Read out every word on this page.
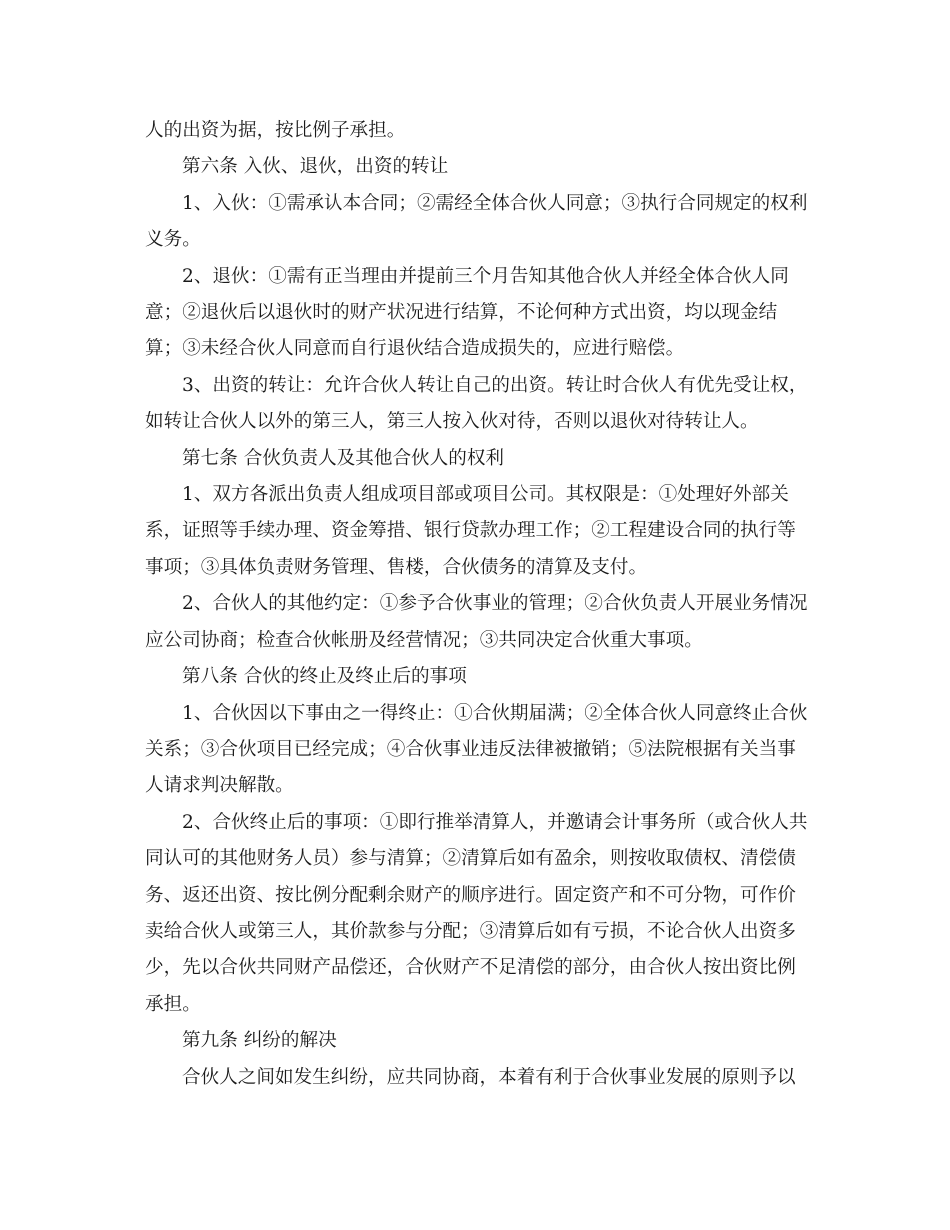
人的出资为据，按比例子承担。

第六条 入伙、退伙，出资的转让

1、入伙：①需承认本合同；②需经全体合伙人同意；③执行合同规定的权利

义务。

2、退伙：①需有正当理由并提前三个月告知其他合伙人并经全体合伙人同

意；②退伙后以退伙时的财产状况进行结算，不论何种方式出资，均以现金结

算；③未经合伙人同意而自行退伙结合造成损失的，应进行赔偿。

3、出资的转让：允许合伙人转让自己的出资。转让时合伙人有优先受让权，

如转让合伙人以外的第三人，第三人按入伙对待，否则以退伙对待转让人。

第七条 合伙负责人及其他合伙人的权利

1、双方各派出负责人组成项目部或项目公司。其权限是：①处理好外部关

系，证照等手续办理、资金筹措、银行贷款办理工作；②工程建设合同的执行等

事项；③具体负责财务管理、售楼，合伙债务的清算及支付。

2、合伙人的其他约定：①参予合伙事业的管理；②合伙负责人开展业务情况

应公司协商；检查合伙帐册及经营情况；③共同决定合伙重大事项。

第八条 合伙的终止及终止后的事项

1、合伙因以下事由之一得终止：①合伙期届满；②全体合伙人同意终止合伙

关系；③合伙项目已经完成；④合伙事业违反法律被撤销；⑤法院根据有关当事

人请求判决解散。

2、合伙终止后的事项：①即行推举清算人，并邀请会计事务所（或合伙人共

同认可的其他财务人员）参与清算；②清算后如有盈余，则按收取债权、清偿债

务、返还出资、按比例分配剩余财产的顺序进行。固定资产和不可分物，可作价

卖给合伙人或第三人，其价款参与分配；③清算后如有亏损，不论合伙人出资多

少，先以合伙共同财产品偿还，合伙财产不足清偿的部分，由合伙人按出资比例

承担。

第九条 纠纷的解决

合伙人之间如发生纠纷，应共同协商，本着有利于合伙事业发展的原则予以
